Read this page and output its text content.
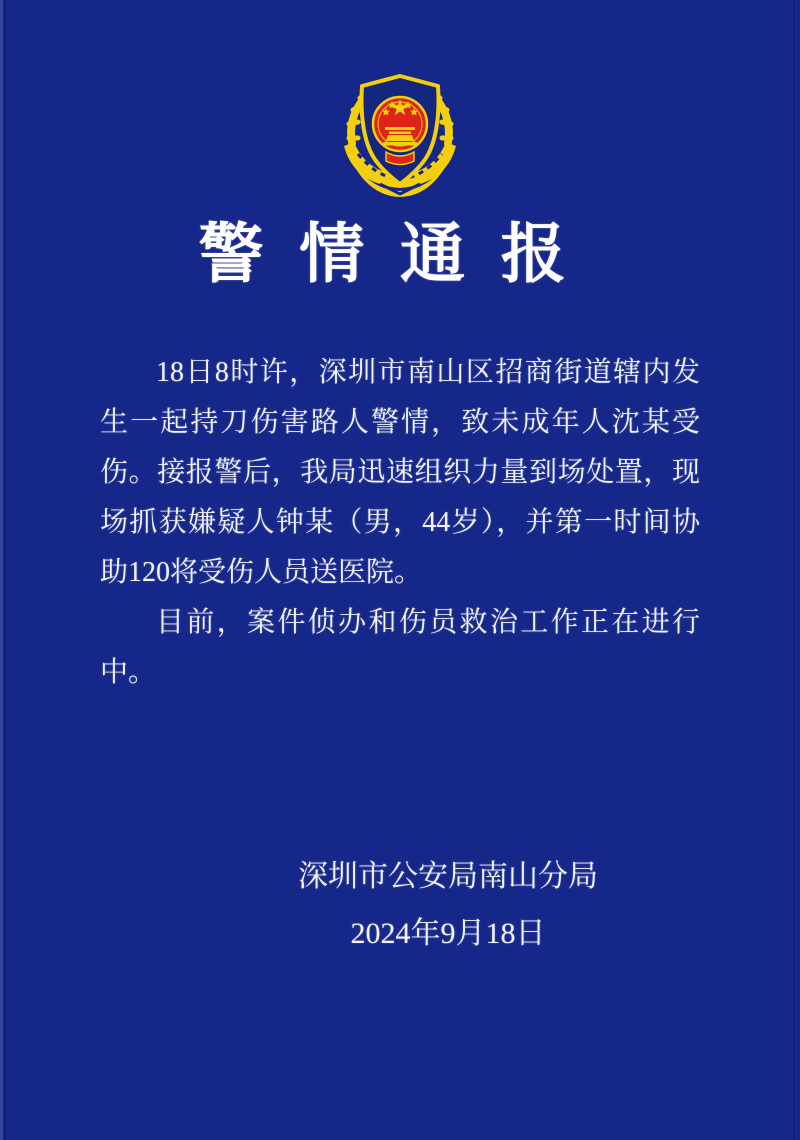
警情通报

18日8时许，深圳市南山区招商街道辖内发生一起持刀伤害路人警情，致未成年人沈某受伤。接报警后，我局迅速组织力量到场处置，现场抓获嫌疑人钟某（男，44岁），并第一时间协助120将受伤人员送医院。

目前，案件侦办和伤员救治工作正在进行中。

深圳市公安局南山分局
2024年9月18日
